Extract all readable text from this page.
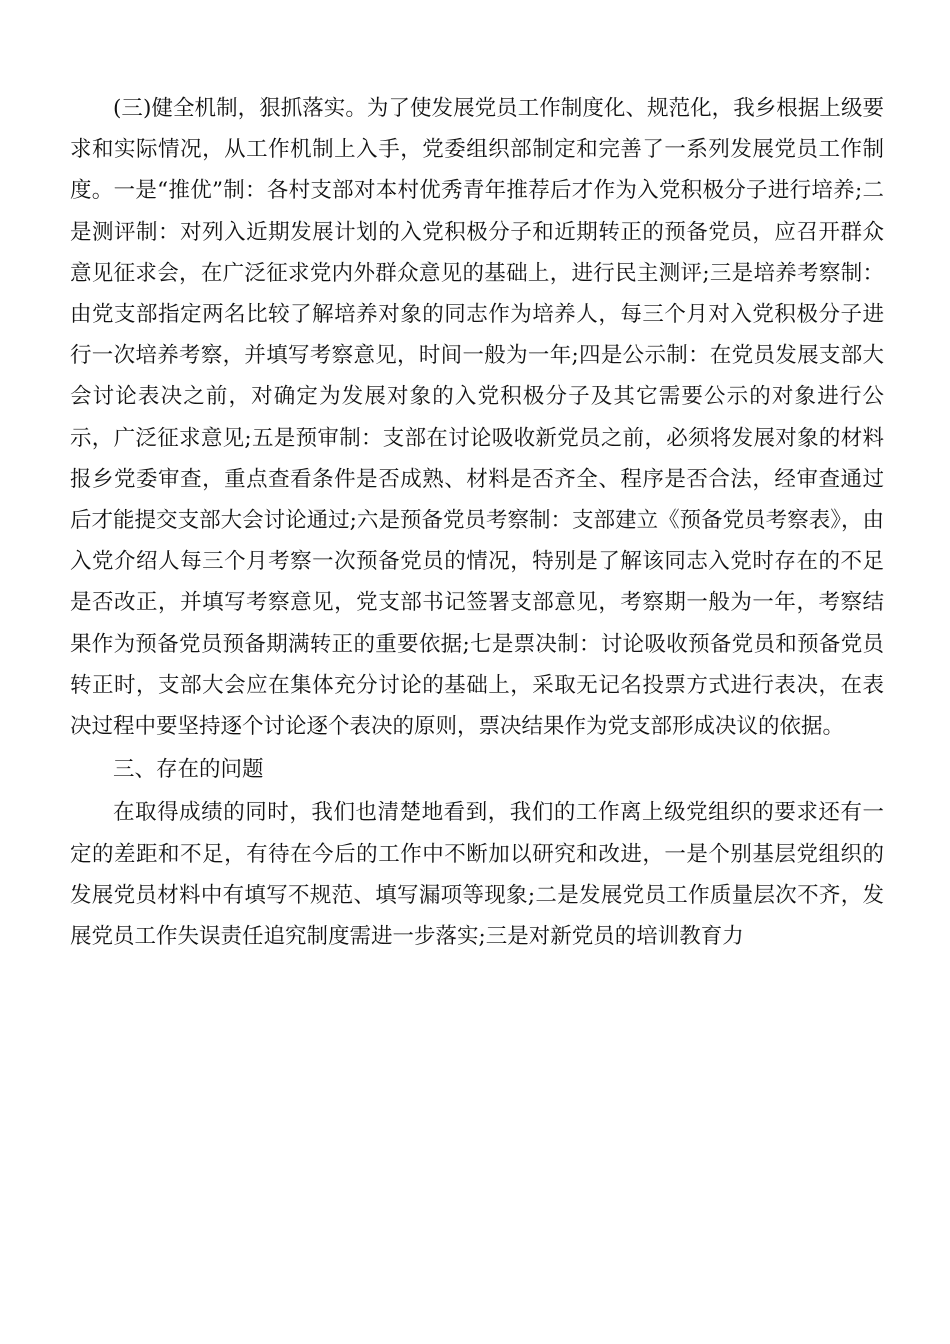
(三)健全机制，狠抓落实。为了使发展党员工作制度化、规范化，我乡根据上级要求和实际情况，从工作机制上入手，党委组织部制定和完善了一系列发展党员工作制度。一是“推优”制：各村支部对本村优秀青年推荐后才作为入党积极分子进行培养;二是测评制：对列入近期发展计划的入党积极分子和近期转正的预备党员，应召开群众意见征求会，在广泛征求党内外群众意见的基础上，进行民主测评;三是培养考察制：由党支部指定两名比较了解培养对象的同志作为培养人，每三个月对入党积极分子进行一次培养考察，并填写考察意见，时间一般为一年;四是公示制：在党员发展支部大会讨论表决之前，对确定为发展对象的入党积极分子及其它需要公示的对象进行公示，广泛征求意见;五是预审制：支部在讨论吸收新党员之前，必须将发展对象的材料报乡党委审查，重点查看条件是否成熟、材料是否齐全、程序是否合法，经审查通过后才能提交支部大会讨论通过;六是预备党员考察制：支部建立《预备党员考察表》，由入党介绍人每三个月考察一次预备党员的情况，特别是了解该同志入党时存在的不足是否改正，并填写考察意见，党支部书记签署支部意见，考察期一般为一年，考察结果作为预备党员预备期满转正的重要依据;七是票决制：讨论吸收预备党员和预备党员转正时，支部大会应在集体充分讨论的基础上，采取无记名投票方式进行表决，在表决过程中要坚持逐个讨论逐个表决的原则，票决结果作为党支部形成决议的依据。

三、存在的问题

在取得成绩的同时，我们也清楚地看到，我们的工作离上级党组织的要求还有一定的差距和不足，有待在今后的工作中不断加以研究和改进，一是个别基层党组织的发展党员材料中有填写不规范、填写漏项等现象;二是发展党员工作质量层次不齐，发展党员工作失误责任追究制度需进一步落实;三是对新党员的培训教育力
